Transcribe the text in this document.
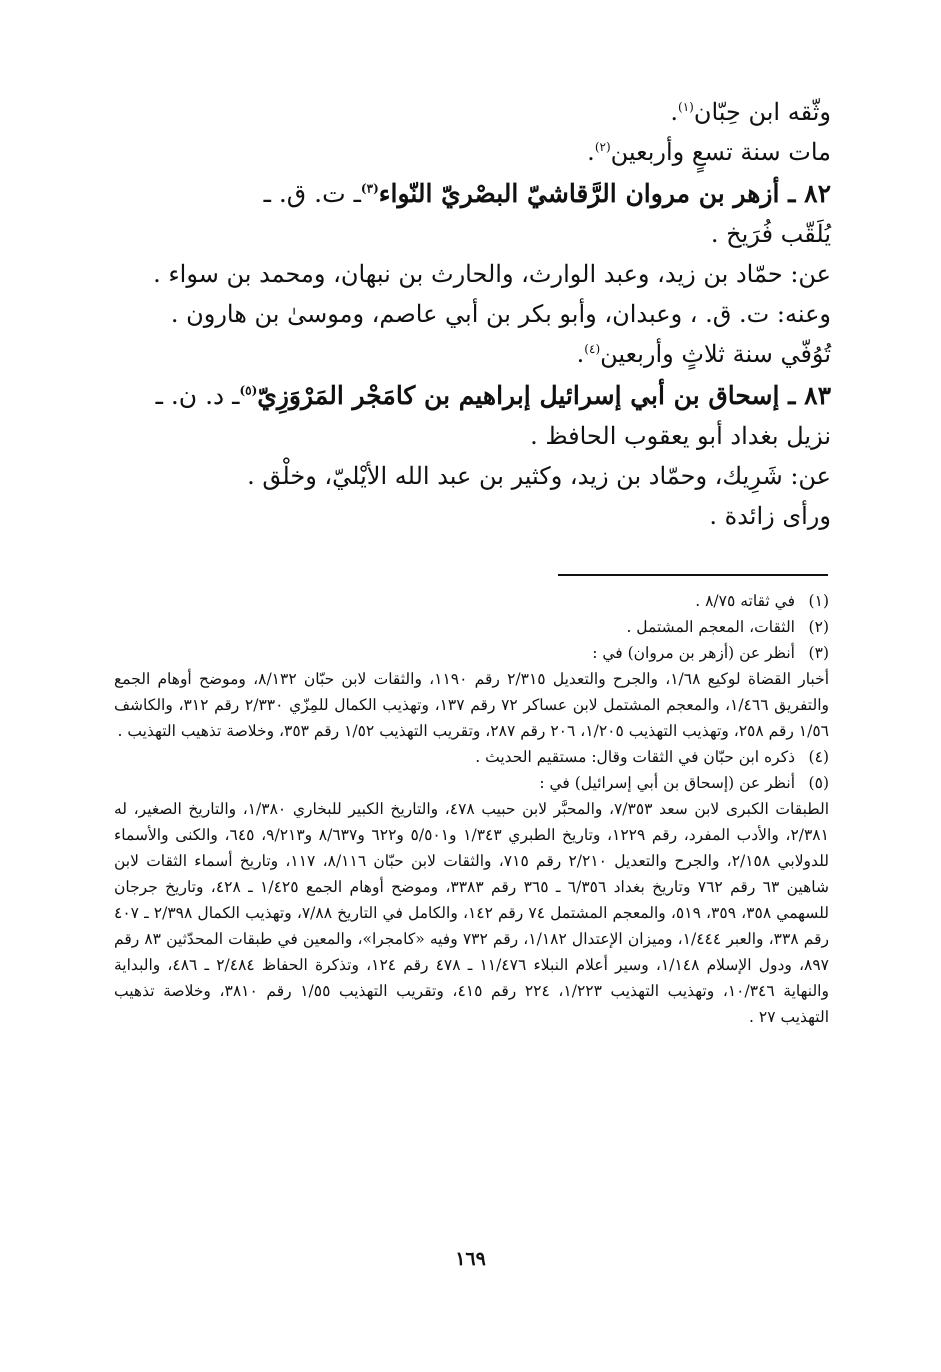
وثّقه ابن حِبّان$^{(١)}$.
مات سنة تسعٍ وأربعين$^{(٢)}$.
٨٢ ـ أزهر بن مروان الرَّقاشيّ البصْريّ النّواء$^{(٣)}$ـ ت. ق. ـ
يُلَقّب فُرَيخ .
عن: حمّاد بن زيد، وعبد الوارث، والحارث بن نبهان، ومحمد بن سواء .
وعنه: ت. ق. ، وعبدان، وأبو بكر بن أبي عاصم، وموسىٰ بن هارون .
تُوُفّي سنة ثلاثٍ وأربعين$^{(٤)}$.
٨٣ ـ إسحاق بن أبي إسرائيل إبراهيم بن كامَجْر المَرْوَزِيّ$^{(٥)}$ـ د. ن. ـ
نزيل بغداد أبو يعقوب الحافظ .
عن: شَرِيك، وحمّاد بن زيد، وكثير بن عبد الله الأيْليّ، وخلْق .
ورأى زائدة .
(١)في ثقاته ٨/٧٥ .
(٢)الثقات، المعجم المشتمل .
(٣)أنظر عن (أزهر بن مروان) في :
أخبار القضاة لوكيع ١/٦٨، والجرح والتعديل ٢/٣١٥ رقم ١١٩٠، والثقات لابن حبّان ٨/١٣٢، وموضح أوهام الجمع والتفريق ١/٤٦٦، والمعجم المشتمل لابن عساكر ٧٢ رقم ١٣٧، وتهذيب الكمال للمِزّي ٢/٣٣٠ رقم ٣١٢، والكاشف ١/٥٦ رقم ٢٥٨، وتهذيب التهذيب ١/٢٠٥، ٢٠٦ رقم ٢٨٧، وتقريب التهذيب ١/٥٢ رقم ٣٥٣، وخلاصة تذهيب التهذيب .
(٤)ذكره ابن حبّان في الثقات وقال: مستقيم الحديث .
(٥)أنظر عن (إسحاق بن أبي إسرائيل) في :
الطبقات الكبرى لابن سعد ٧/٣٥٣، والمحبَّر لابن حبيب ٤٧٨، والتاريخ الكبير للبخاري ١/٣٨٠، والتاريخ الصغير، له ٢/٣٨١، والأدب المفرد، رقم ١٢٢٩، وتاريخ الطبري ١/٣٤٣ و٥/٥٠١ و٦٢٢ و٨/٦٣٧ و٩/٢١٣، ٦٤٥، والكنى والأسماء للدولابي ٢/١٥٨، والجرح والتعديل ٢/٢١٠ رقم ٧١٥، والثقات لابن حبّان ٨/١١٦، ١١٧، وتاريخ أسماء الثقات لابن شاهين ٦٣ رقم ٧٦٢ وتاريخ بغداد ٦/٣٥٦ ـ ٣٦٥ رقم ٣٣٨٣، وموضح أوهام الجمع ١/٤٢٥ ـ ٤٢٨، وتاريخ جرجان للسهمي ٣٥٨، ٣٥٩، ٥١٩، والمعجم المشتمل ٧٤ رقم ١٤٢، والكامل في التاريخ ٧/٨٨، وتهذيب الكمال ٢/٣٩٨ ـ ٤٠٧ رقم ٣٣٨، والعبر ١/٤٤٤، وميزان الإعتدال ١/١٨٢، رقم ٧٣٢ وفيه «كامجرا»، والمعين في طبقات المحدّثين ٨٣ رقم ٨٩٧، ودول الإسلام ١/١٤٨، وسير أعلام النبلاء ١١/٤٧٦ ـ ٤٧٨ رقم ١٢٤، وتذكرة الحفاظ ٢/٤٨٤ ـ ٤٨٦، والبداية والنهاية ١٠/٣٤٦، وتهذيب التهذيب ١/٢٢٣، ٢٢٤ رقم ٤١٥، وتقريب التهذيب ١/٥٥ رقم ٣٨١٠، وخلاصة تذهيب التهذيب ٢٧ .
١٦٩
